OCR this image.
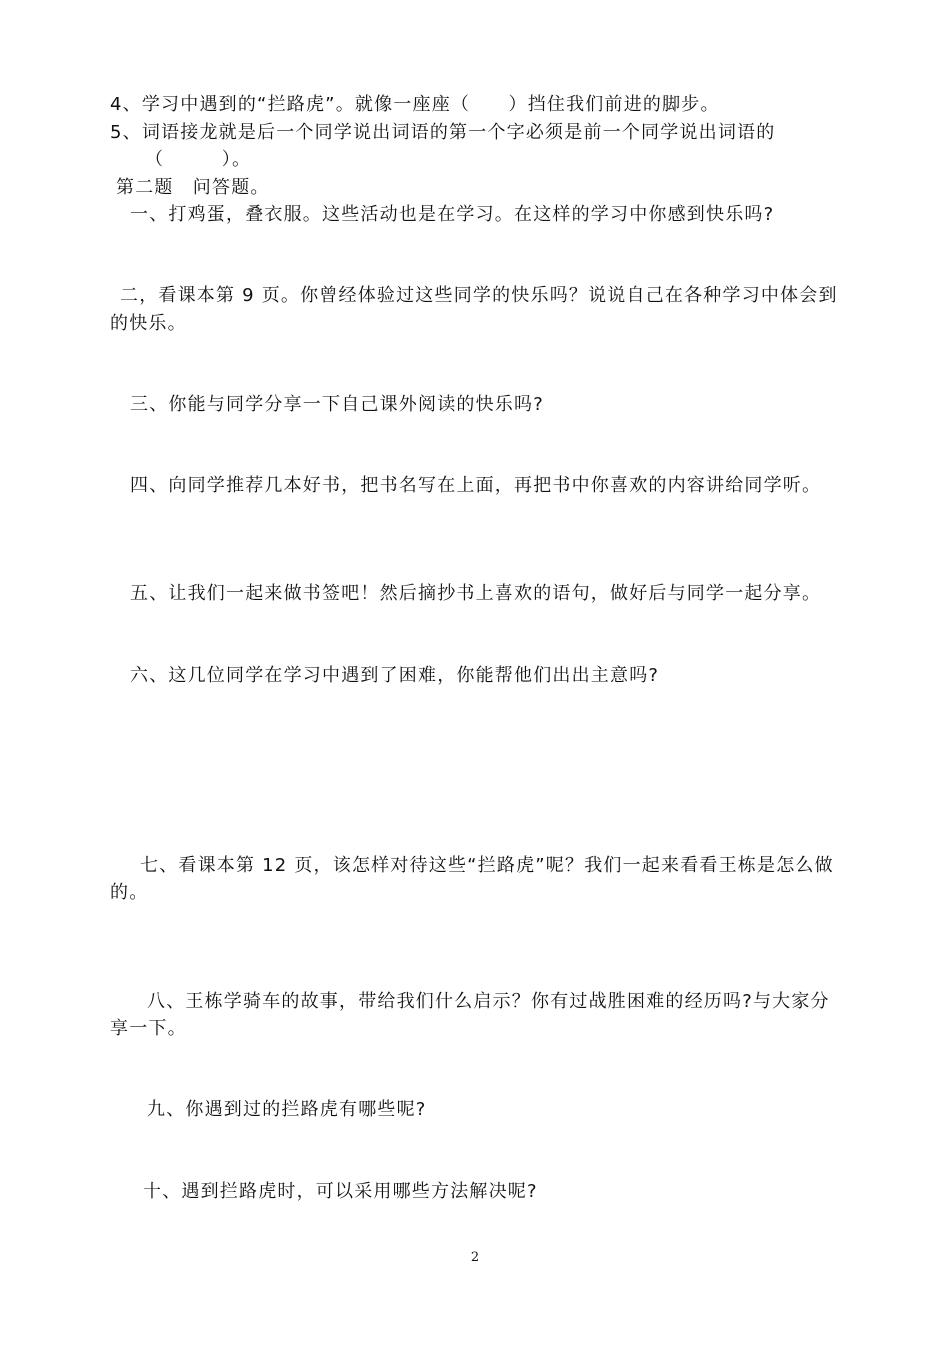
4、学习中遇到的“拦路虎”。就像一座座（　　）挡住我们前进的脚步。
5、词语接龙就是后一个同学说出词语的第一个字必须是前一个同学说出词语的
（　　　）。
第二题　问答题。
一、打鸡蛋，叠衣服。这些活动也是在学习。在这样的学习中你感到快乐吗?
二，看课本第 9 页。你曾经体验过这些同学的快乐吗？说说自己在各种学习中体会到
的快乐。
三、你能与同学分享一下自己课外阅读的快乐吗?
四、向同学推荐几本好书，把书名写在上面，再把书中你喜欢的内容讲给同学听。
五、让我们一起来做书签吧！然后摘抄书上喜欢的语句，做好后与同学一起分享。
六、这几位同学在学习中遇到了困难，你能帮他们出出主意吗?
七、看课本第 12 页，该怎样对待这些“拦路虎”呢？我们一起来看看王栋是怎么做
的。
八、王栋学骑车的故事，带给我们什么启示？你有过战胜困难的经历吗?与大家分
享一下。
九、你遇到过的拦路虎有哪些呢?
十、遇到拦路虎时，可以采用哪些方法解决呢?
2
